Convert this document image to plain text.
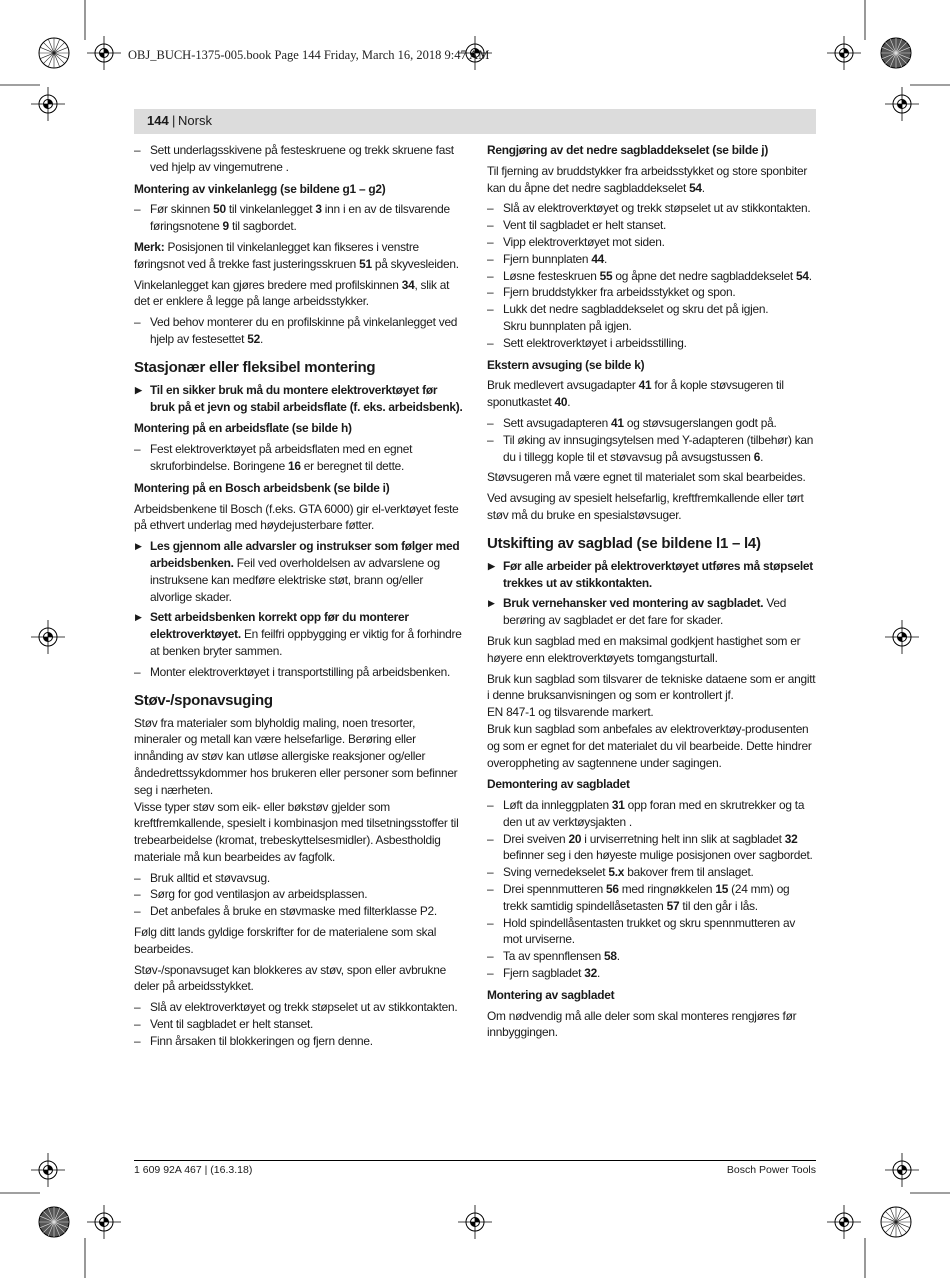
OBJ_BUCH-1375-005.book Page 144 Friday, March 16, 2018 9:47 AM
144 | Norsk
– Sett underlagsskivene på festeskruene og trekk skruene fast ved hjelp av vingemutrene .

Montering av vinkelanlegg (se bildene g1 – g2)

– Før skinnen 50 til vinkelanlegget 3 inn i en av de tilsvarende føringsnotene 9 til sagbordet.

Merk: Posisjonen til vinkelanlegget kan fikseres i venstre føringsnot ved å trekke fast justeringsskruen 51 på skyvesleiden.

Vinkelanlegget kan gjøres bredere med profilskinnen 34, slik at det er enklere å legge på lange arbeidsstykker.

– Ved behov monterer du en profilskinne på vinkelanlegget ved hjelp av festesettet 52.

Stasjonær eller fleksibel montering

▶ Til en sikker bruk må du montere elektroverktøyet før bruk på et jevn og stabil arbeidsflate (f. eks. arbeidsbenk).

Montering på en arbeidsflate (se bilde h)

– Fest elektroverktøyet på arbeidsflaten med en egnet skruforbindelse. Boringene 16 er beregnet til dette.

Montering på en Bosch arbeidsbenk (se bilde i)

Arbeidsbenkene til Bosch (f.eks. GTA 6000) gir el-verktøyet feste på ethvert underlag med høydejusterbare føtter.

▶ Les gjennom alle advarsler og instrukser som følger med arbeidsbenken. Feil ved overholdelsen av advarslene og instruksene kan medføre elektriske støt, brann og/eller alvorlige skader.
▶ Sett arbeidsbenken korrekt opp før du monterer elektroverktøyet. En feilfri oppbygging er viktig for å forhindre at benken bryter sammen.
– Monter elektroverktøyet i transportstilling på arbeidsbenken.

Støv-/sponavsuging

Støv fra materialer som blyholdig maling, noen tresorter, mineraler og metall kan være helsefarlige. Berøring eller innånding av støv kan utløse allergiske reaksjoner og/eller åndedrettssykdommer hos brukeren eller personer som befinner seg i nærheten.

Visse typer støv som eik- eller bøkstøv gjelder som kreftfremkallende, spesielt i kombinasjon med tilsetningsstoffer til trebearbeidelse (kromat, trebeskyttelsesmidler). Asbestholdig materiale må kun bearbeides av fagfolk.

– Bruk alltid et støvavsug.
– Sørg for god ventilasjon av arbeidsplassen.
– Det anbefales å bruke en støvmaske med filterklasse P2.

Følg ditt lands gyldige forskrifter for de materialene som skal bearbeides.

Støv-/sponavsuget kan blokkeres av støv, spon eller avbrukne deler på arbeidsstykket.

– Slå av elektroverktøyet og trekk støpselet ut av stikkontakten.
– Vent til sagbladet er helt stanset.
– Finn årsaken til blokkeringen og fjern denne.

Rengjøring av det nedre sagbladdekselet (se bilde j)

Til fjerning av bruddstykker fra arbeidsstykket og store sponbiter kan du åpne det nedre sagbladdekselet 54.

– Slå av elektroverktøyet og trekk støpselet ut av stikkontakten.
– Vent til sagbladet er helt stanset.
– Vipp elektroverktøyet mot siden.
– Fjern bunnplaten 44.
– Løsne festeskruen 55 og åpne det nedre sagbladdekselet 54.
– Fjern bruddstykker fra arbeidsstykket og spon.
– Lukk det nedre sagbladdekselet og skru det på igjen.
Skru bunnplaten på igjen.
– Sett elektroverktøyet i arbeidsstilling.

Ekstern avsuging (se bilde k)

Bruk medlevert avsugadapter 41 for å kople støvsugeren til sponutkastet 40.

– Sett avsugadapteren 41 og støvsugerslangen godt på.
– Til øking av innsugingsytelsen med Y-adapteren (tilbehør) kan du i tillegg kople til et støvavsug på avsugstussen 6.

Støvsugeren må være egnet til materialet som skal bearbeides.

Ved avsuging av spesielt helsefarlig, kreftfremkallende eller tørt støv må du bruke en spesialstøvsuger.

Utskifting av sagblad (se bildene l1 – l4)

▶ Før alle arbeider på elektroverktøyet utføres må støpselet trekkes ut av stikkontakten.
▶ Bruk vernehansker ved montering av sagbladet. Ved berøring av sagbladet er det fare for skader.

Bruk kun sagblad med en maksimal godkjent hastighet som er høyere enn elektroverktøyets tomgangsturtall.

Bruk kun sagblad som tilsvarer de tekniske dataene som er angitt i denne bruksanvisningen og som er kontrollert jf.
EN 847-1 og tilsvarende markert.

Bruk kun sagblad som anbefales av elektroverktøy-produsenten og som er egnet for det materialet du vil bearbeide. Dette hindrer overoppheting av sagtennene under sagingen.

Demontering av sagbladet

– Løft da innleggplaten 31 opp foran med en skrutrekker og ta den ut av verktøysjakten .
– Drei sveiven 20 i urviserretning helt inn slik at sagbladet 32 befinner seg i den høyeste mulige posisjonen over sagbordet.
– Sving vernedekselet 5.x bakover frem til anslaget.
– Drei spennmutteren 56 med ringnøkkelen 15 (24 mm) og trekk samtidig spindellåsetasten 57 til den går i lås.
– Hold spindellåsentasten trukket og skru spennmutteren av mot urviserne.
– Ta av spennflensen 58.
– Fjern sagbladet 32.

Montering av sagbladet

Om nødvendig må alle deler som skal monteres rengjøres før innbyggingen.

1 609 92A 467 | (16.3.18)	Bosch Power Tools
